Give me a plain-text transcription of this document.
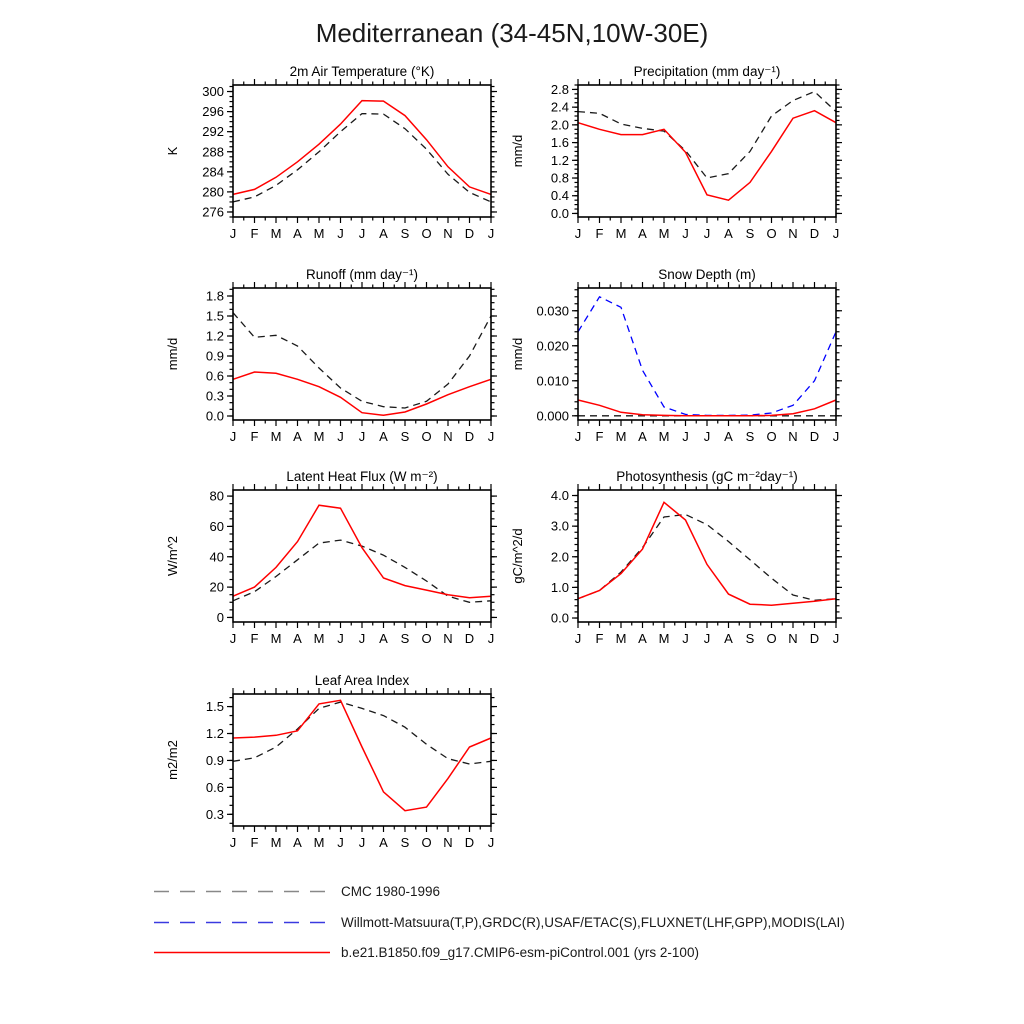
Mediterranean (34-45N,10W-30E)
2m Air Temperature (°K)
K
J F M A M J J A S O N D J
276
280
284
288
292
296
300
Precipitation (mm day⁻¹)
mm/d
J F M A M J J A S O N D J
0.0
0.4
0.8
1.2
1.6
2.0
2.4
2.8
Runoff (mm day⁻¹)
mm/d
J F M A M J J A S O N D J
0.0
0.3
0.6
0.9
1.2
1.5
1.8
Snow Depth (m)
mm/d
J F M A M J J A S O N D J
0.000
0.010
0.020
0.030
Latent Heat Flux (W m⁻²)
W/m^2
J F M A M J J A S O N D J
0
20
40
60
80
Photosynthesis (gC m⁻²day⁻¹)
gC/m^2/d
J F M A M J J A S O N D J
0.0
1.0
2.0
3.0
4.0
Leaf Area Index
m2/m2
J F M A M J J A S O N D J
0.3
0.6
0.9
1.2
1.5
CMC 1980-1996
Willmott-Matsuura(T,P),GRDC(R),USAF/ETAC(S),FLUXNET(LHF,GPP),MODIS(LAI)
b.e21.B1850.f09_g17.CMIP6-esm-piControl.001 (yrs 2-100)
